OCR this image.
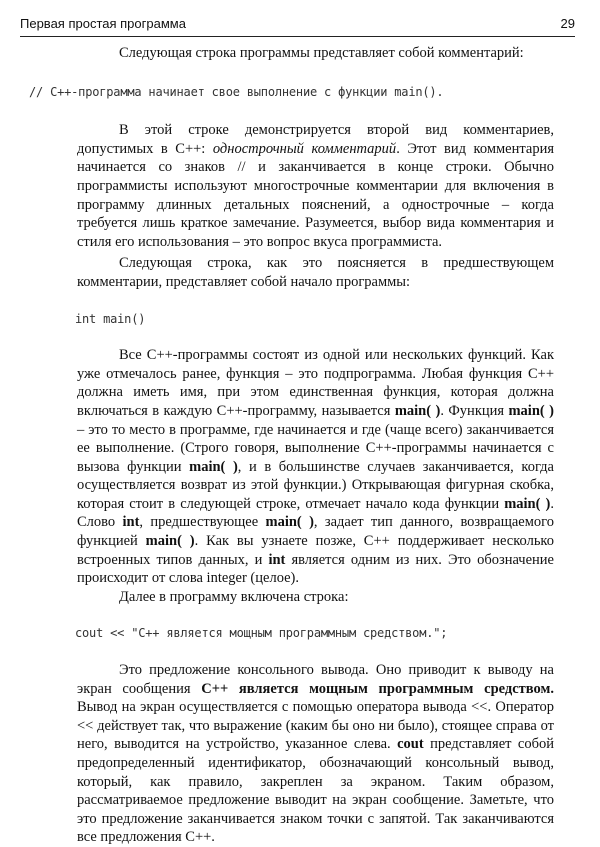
Первая простая программа	29

Следующая строка программы представляет собой комментарий:

// С++-программа начинает свое выполнение с функции main().

В этой строке демонстрируется второй вид комментариев, допустимых в С++: однострочный комментарий. Этот вид комментария начинается со знаков // и заканчивается в конце строки. Обычно программисты используют многострочные комментарии для включения в программу длинных детальных пояснений, а однострочные – когда требуется лишь краткое замечание. Разумеется, выбор вида комментария и стиля его использования – это вопрос вкуса программиста.

Следующая строка, как это поясняется в предшествующем комментарии, представляет собой начало программы:

int main()

Все С++-программы состоят из одной или нескольких функций. Как уже отмечалось ранее, функция – это подпрограмма. Любая функция С++ должна иметь имя, при этом единственная функция, которая должна включаться в каждую С++-программу, называется main( ). Функция main( ) – это то место в программе, где начинается и где (чаще всего) заканчивается ее выполнение. (Строго говоря, выполнение С++-программы начинается с вызова функции main( ), и в большинстве случаев заканчивается, когда осуществляется возврат из этой функции.) Открывающая фигурная скобка, которая стоит в следующей строке, отмечает начало кода функции main( ). Слово int, предшествующее main( ), задает тип данного, возвращаемого функцией main( ). Как вы узнаете позже, С++ поддерживает несколько встроенных типов данных, и int является одним из них. Это обозначение происходит от слова integer (целое).

Далее в программу включена строка:

cout << "С++ является мощным программным средством.";

Это предложение консольного вывода. Оно приводит к выводу на экран сообщения С++ является мощным программным средством. Вывод на экран осуществляется с помощью оператора вывода <<. Оператор << действует так, что выражение (каким бы оно ни было), стоящее справа от него, выводится на устройство, указанное слева. cout представляет собой предопределенный идентификатор, обозначающий консольный вывод, который, как правило, закреплен за экраном. Таким образом, рассматриваемое предложение выводит на экран сообщение. Заметьте, что это предложение заканчивается знаком точки с запятой. Так заканчиваются все предложения С++.
